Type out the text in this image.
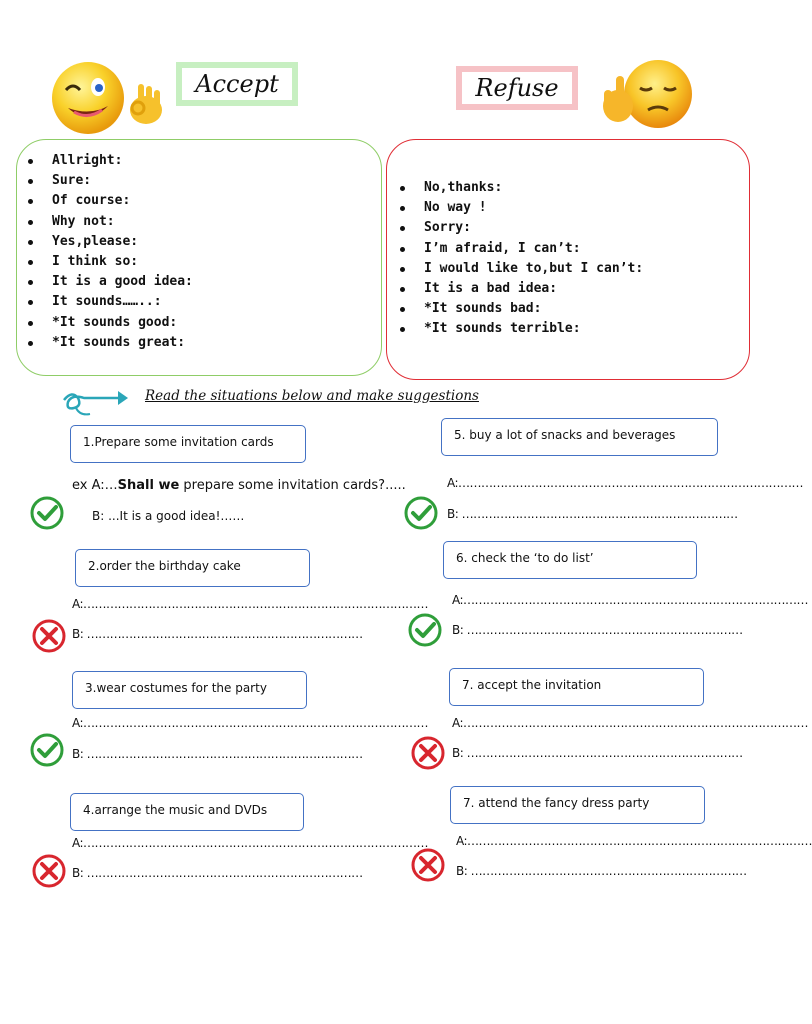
Accept	Refuse
Allright:
Sure:
Of course:
Why not:
Yes,please:
I think so:
It is a good idea:
It sounds……..:
*It sounds good:
*It sounds great:
No,thanks:
No way !
Sorry:
I’m afraid, I can’t:
I would like to,but I can’t:
It is a bad idea:
*It sounds bad:
*It sounds terrible:
Read the situations below and make suggestions
1.Prepare some invitation cards
ex A:…Shall we prepare some invitation cards?.....
B: ...It is a good idea!……
2.order the birthday cake
A:………………………………………………………………………………
B: ………………………………………………………………
3.wear costumes for the party
A:………………………………………………………………………………
B: ………………………………………………………………
4.arrange the music and DVDs
A:………………………………………………………………………………
B: ………………………………………………………………
5. buy a lot of snacks and beverages
A:………………………………………………………………………………
B: ………………………………………………………………
6. check the ‘to do list’
A:………………………………………………………………………………
B: ………………………………………………………………
7. accept the invitation
A:………………………………………………………………………………
B: ………………………………………………………………
7. attend the fancy dress party
A:………………………………………………………………………………
B: ………………………………………………………………
